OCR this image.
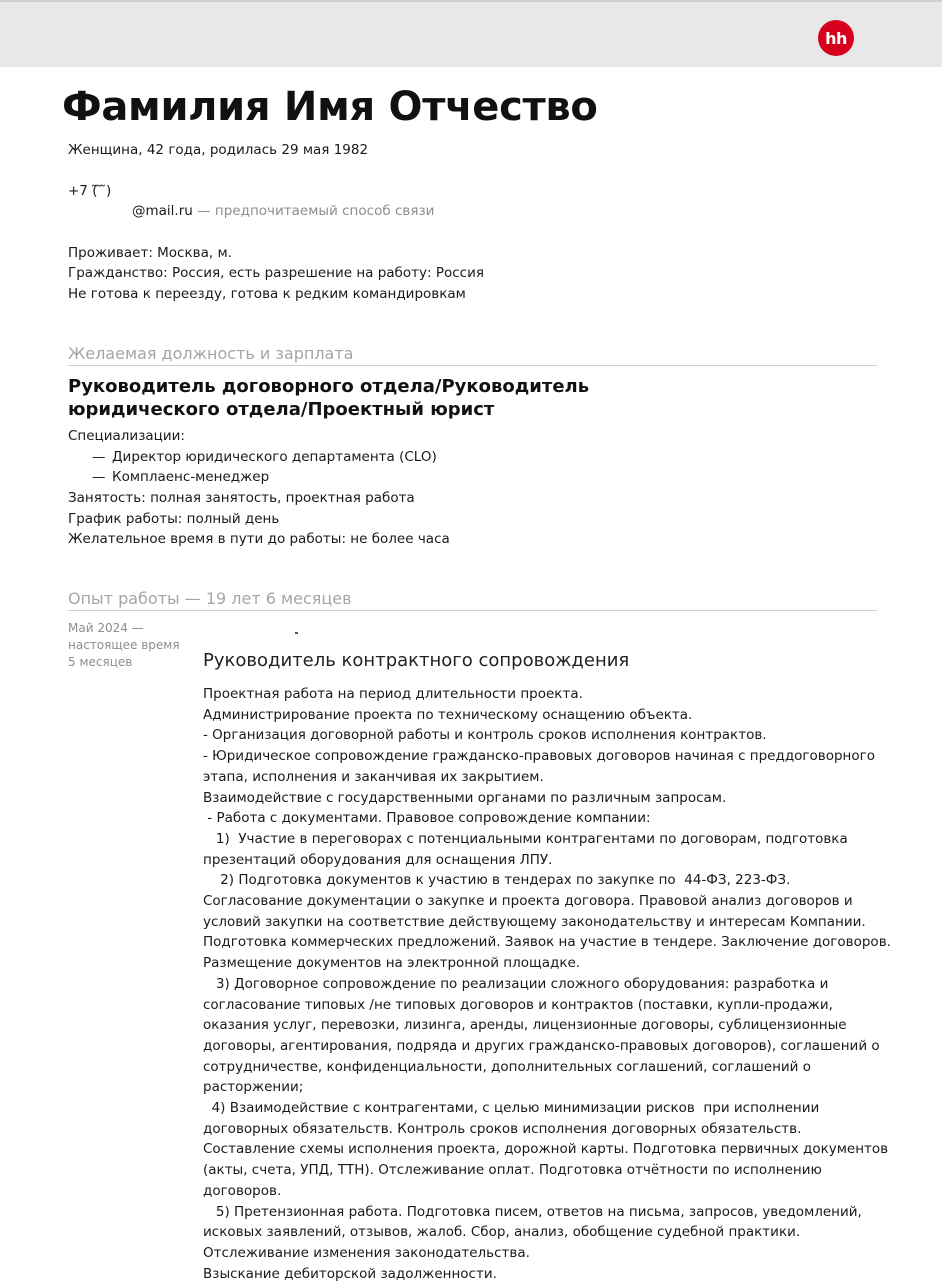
hh
Фамилия Имя Отчество
Женщина, 42 года, родилась 29 мая 1982
+7 (̃ ̃ ̃)
@mail.ru — предпочитаемый способ связи
Проживает: Москва, м.
Гражданство: Россия, есть разрешение на работу: Россия
Не готова к переезду, готова к редким командировкам
Желаемая должность и зарплата
Руководитель договорного отдела/Руководитель юридического отдела/Проектный юрист
Специализации:
— Директор юридического департамента (CLO)
— Комплаенс-менеджер
Занятость: полная занятость, проектная работа
График работы: полный день
Желательное время в пути до работы: не более часа
Опыт работы — 19 лет 6 месяцев
Май 2024 —
настоящее время
5 месяцев	Руководитель контрактного сопровождения
Проектная работа на период длительности проекта.
Администрирование проекта по техническому оснащению объекта.
- Организация договорной работы и контроль сроков исполнения контрактов.
- Юридическое сопровождение гражданско-правовых договоров начиная с преддоговорного этапа, исполнения и заканчивая их закрытием.
Взаимодействие с государственными органами по различным запросам.
- Работа с документами. Правовое сопровождение компании:
1)  Участие в переговорах с потенциальными контрагентами по договорам, подготовка презентаций оборудования для оснащения ЛПУ.
2) Подготовка документов к участию в тендерах по закупке по  44-ФЗ, 223-ФЗ. Согласование документации о закупке и проекта договора. Правовой анализ договоров и условий закупки на соответствие действующему законодательству и интересам Компании. Подготовка коммерческих предложений. Заявок на участие в тендере. Заключение договоров. Размещение документов на электронной площадке.
3) Договорное сопровождение по реализации сложного оборудования: разработка и согласование типовых /не типовых договоров и контрактов (поставки, купли-продажи, оказания услуг, перевозки, лизинга, аренды, лицензионные договоры, сублицензионные договоры, агентирования, подряда и других гражданско-правовых договоров), соглашений о сотрудничестве, конфиденциальности, дополнительных соглашений, соглашений о расторжении;
4) Взаимодействие с контрагентами, с целью минимизации рисков  при исполнении договорных обязательств. Контроль сроков исполнения договорных обязательств. Составление схемы исполнения проекта, дорожной карты. Подготовка первичных документов (акты, счета, УПД, ТТН). Отслеживание оплат. Подготовка отчётности по исполнению договоров.
5) Претензионная работа. Подготовка писем, ответов на письма, запросов, уведомлений, исковых заявлений, отзывов, жалоб. Сбор, анализ, обобщение судебной практики.
Отслеживание изменения законодательства.
Взыскание дебиторской задолженности.
